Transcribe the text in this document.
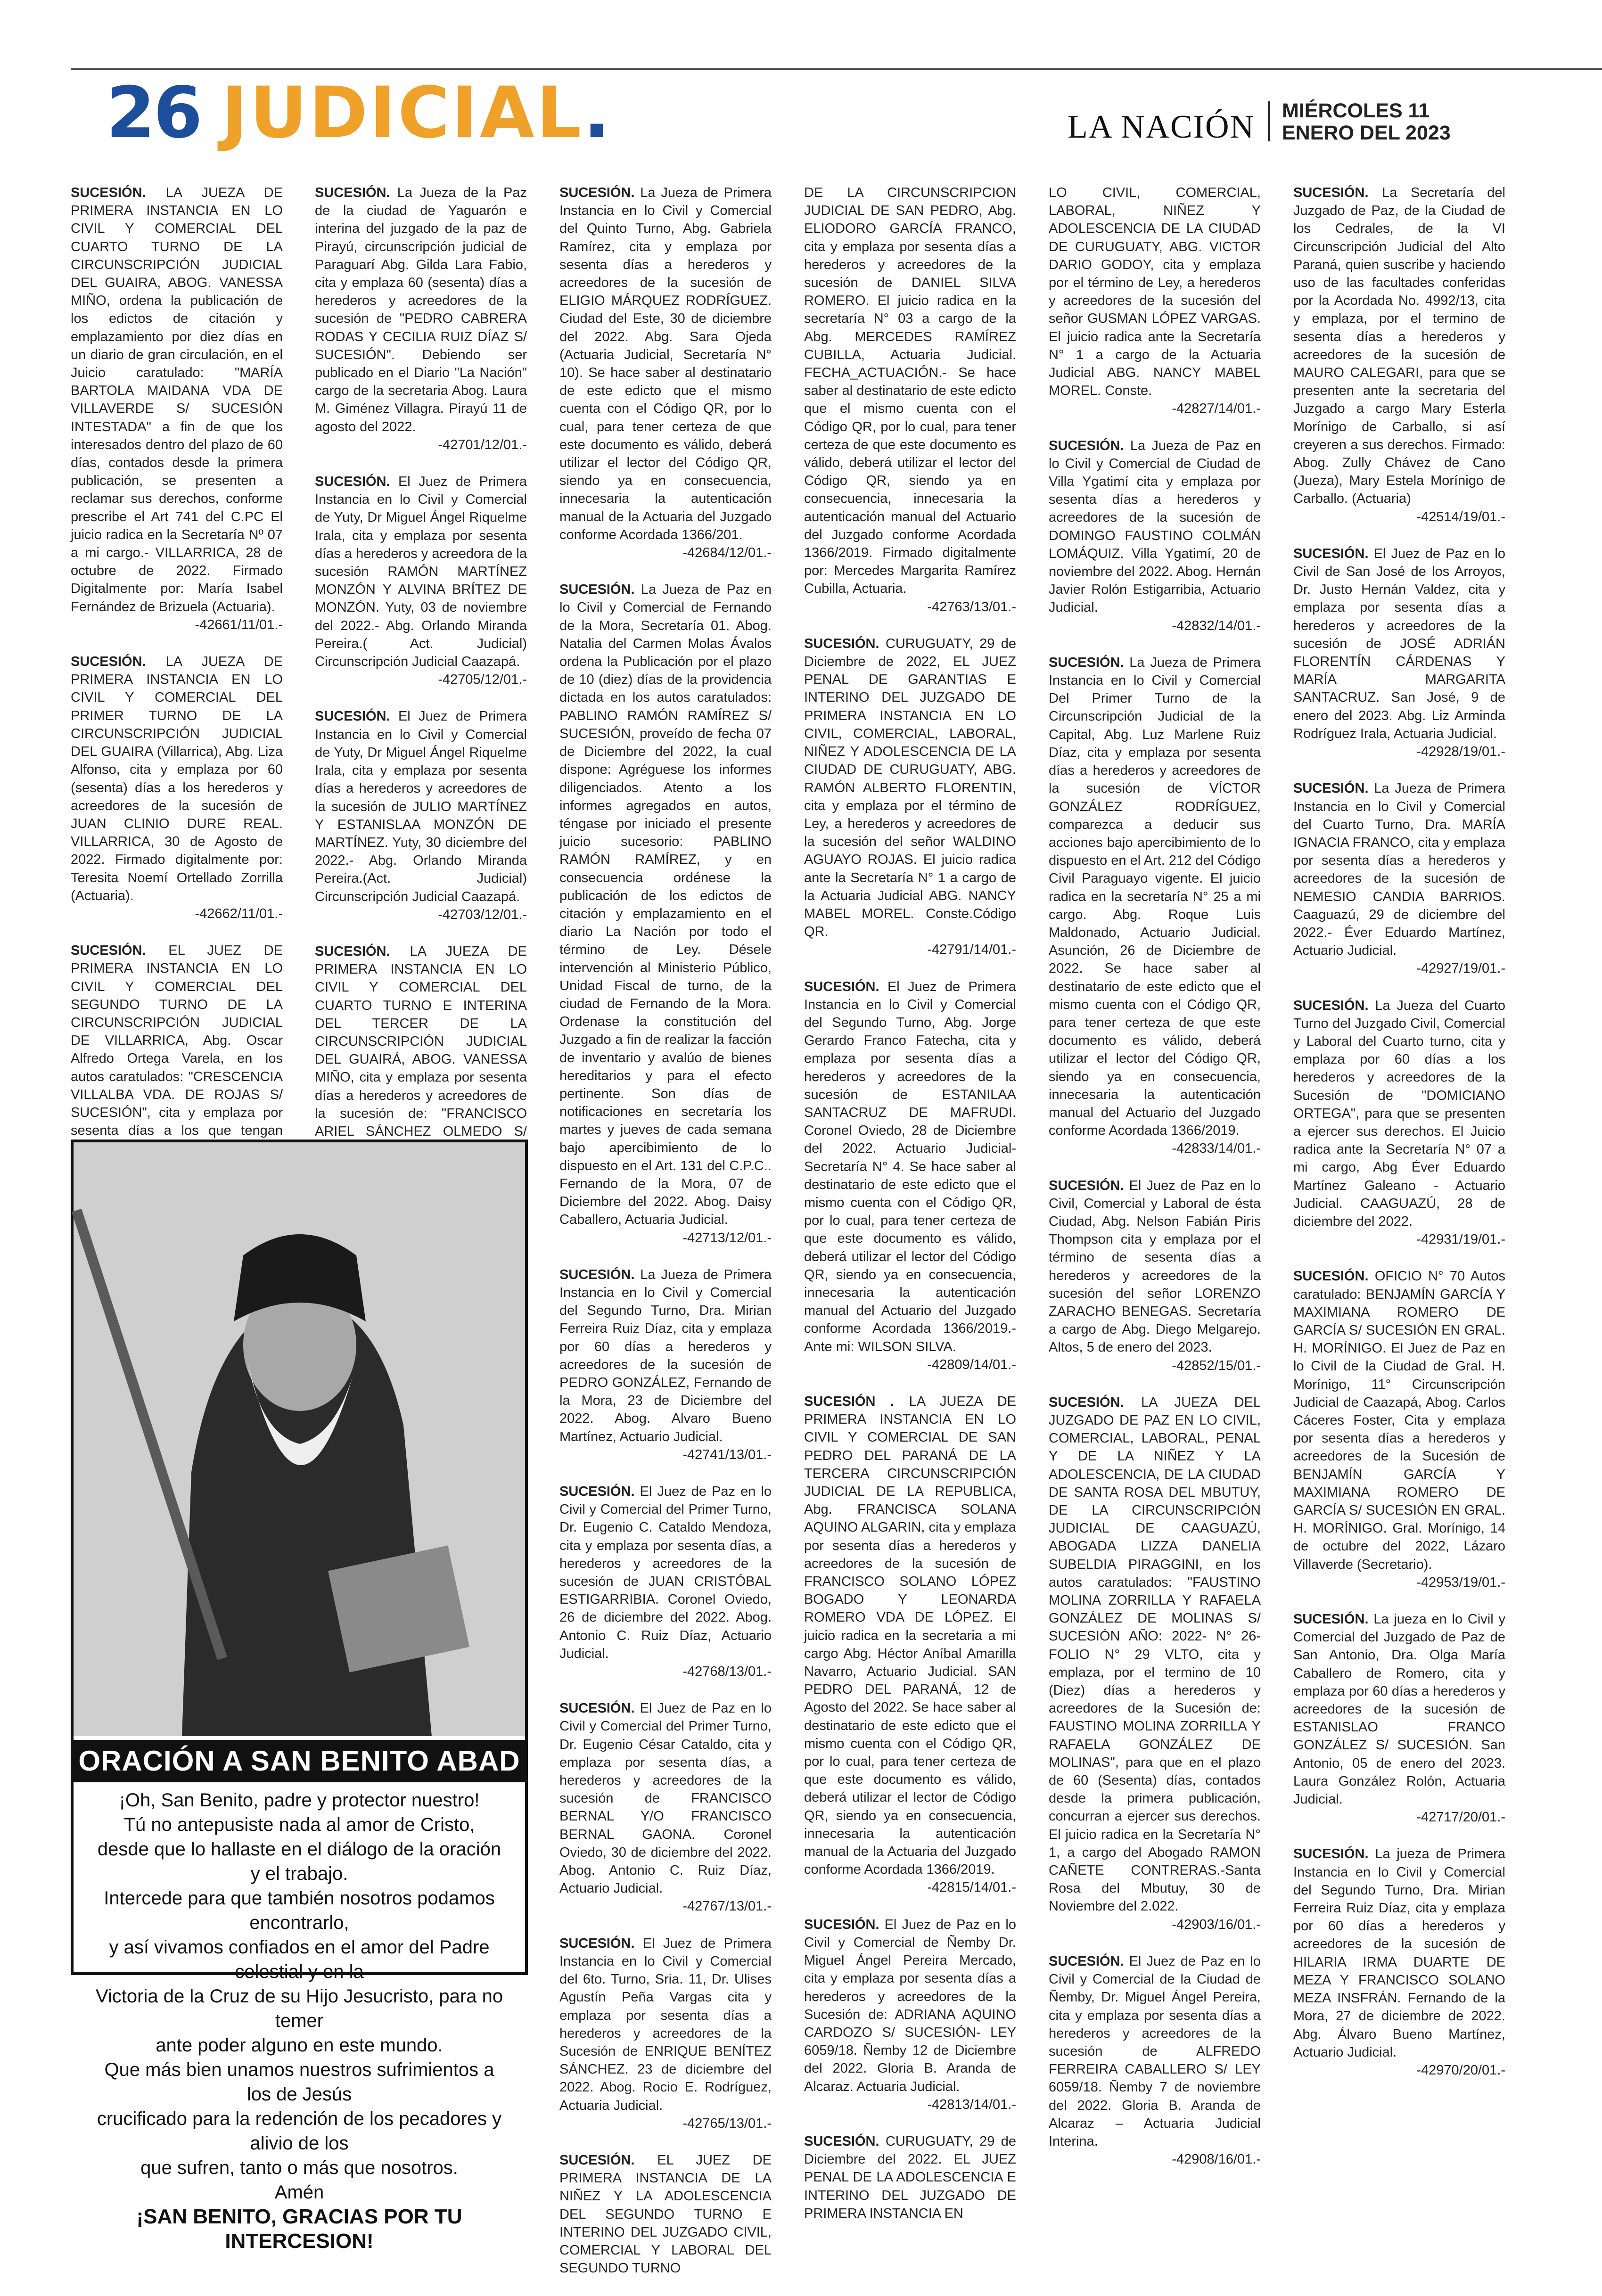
26 JUDICIAL.	LA NACIÓN MIÉRCOLES 11
ENERO DEL 2023
SUCESIÓN. LA JUEZA DE PRIMERA INSTANCIA EN LO CIVIL Y COMERCIAL DEL CUARTO TURNO DE LA CIRCUNSCRIPCIÓN JUDICIAL DEL GUAIRA, ABOG. VANESSA MIÑO, ordena la publicación de los edictos de citación y emplazamiento por diez días en un diario de gran circulación, en el Juicio caratulado: "MARÍA BARTOLA MAIDANA VDA DE VILLAVERDE S/ SUCESIÓN INTESTADA" a fin de que los interesados dentro del plazo de 60 días, contados desde la primera publicación, se presenten a reclamar sus derechos, conforme prescribe el Art 741 del C.PC El juicio radica en la Secretaría Nº 07 a mi cargo.- VILLARRICA, 28 de octubre de 2022. Firmado Digitalmente por: María Isabel Fernández de Brizuela (Actuaria).
-42661/11/01.-
SUCESIÓN. LA JUEZA DE PRIMERA INSTANCIA EN LO CIVIL Y COMERCIAL DEL PRIMER TURNO DE LA CIRCUNSCRIPCIÓN JUDICIAL DEL GUAIRA (Villarrica), Abg. Liza Alfonso, cita y emplaza por 60 (sesenta) días a los herederos y acreedores de la sucesión de JUAN CLINIO DURE REAL. VILLARRICA, 30 de Agosto de 2022. Firmado digitalmente por: Teresita Noemí Ortellado Zorrilla (Actuaria).
-42662/11/01.-
SUCESIÓN. EL JUEZ DE PRIMERA INSTANCIA EN LO CIVIL Y COMERCIAL DEL SEGUNDO TURNO DE LA CIRCUNSCRIPCIÓN JUDICIAL DE VILLARRICA, Abg. Oscar Alfredo Ortega Varela, en los autos caratulados: "CRESCENCIA VILLALBA VDA. DE ROJAS S/ SUCESIÓN", cita y emplaza por sesenta días a los que tengan
SUCESIÓN. La Jueza de la Paz de la ciudad de Yaguarón e interina del juzgado de la paz de Pirayú, circunscripción judicial de Paraguarí Abg. Gilda Lara Fabio, cita y emplaza 60 (sesenta) días a herederos y acreedores de la sucesión de "PEDRO CABRERA RODAS Y CECILIA RUIZ DÍAZ S/ SUCESIÓN". Debiendo ser publicado en el Diario "La Nación" cargo de la secretaria Abog. Laura M. Giménez Villagra. Pirayú 11 de agosto del 2022.
-42701/12/01.-
SUCESIÓN. El Juez de Primera Instancia en lo Civil y Comercial de Yuty, Dr Miguel Ángel Riquelme Irala, cita y emplaza por sesenta días a herederos y acreedora de la sucesión RAMÓN MARTÍNEZ MONZÓN Y ALVINA BRÍTEZ DE MONZÓN. Yuty, 03 de noviembre del 2022.- Abg. Orlando Miranda Pereira.( Act. Judicial) Circunscripción Judicial Caazapá.
-42705/12/01.-
SUCESIÓN. El Juez de Primera Instancia en lo Civil y Comercial de Yuty, Dr Miguel Ángel Riquelme Irala, cita y emplaza por sesenta días a herederos y acreedores de la sucesión de JULIO MARTÍNEZ Y ESTANISLAA MONZÓN DE MARTÍNEZ. Yuty, 30 diciembre del 2022.- Abg. Orlando Miranda Pereira.(Act. Judicial) Circunscripción Judicial Caazapá.
-42703/12/01.-
SUCESIÓN. LA JUEZA DE PRIMERA INSTANCIA EN LO CIVIL Y COMERCIAL DEL CUARTO TURNO E INTERINA DEL TERCER DE LA CIRCUNSCRIPCIÓN JUDICIAL DEL GUAIRÁ, ABOG. VANESSA MIÑO, cita y emplaza por sesenta días a herederos y acreedores de la sucesión de: "FRANCISCO ARIEL SÁNCHEZ OLMEDO S/
SUCESIÓN. La Jueza de Primera Instancia en lo Civil y Comercial del Quinto Turno, Abg. Gabriela Ramírez, cita y emplaza por sesenta días a herederos y acreedores de la sucesión de ELIGIO MÁRQUEZ RODRÍGUEZ. Ciudad del Este, 30 de diciembre del 2022. Abg. Sara Ojeda (Actuaria Judicial, Secretaría N° 10). Se hace saber al destinatario de este edicto que el mismo cuenta con el Código QR, por lo cual, para tener certeza de que este documento es válido, deberá utilizar el lector del Código QR, siendo ya en consecuencia, innecesaria la autenticación manual de la Actuaria del Juzgado conforme Acordada 1366/201.
-42684/12/01.-
SUCESIÓN. La Jueza de Paz en lo Civil y Comercial de Fernando de la Mora, Secretaría 01. Abog. Natalia del Carmen Molas Ávalos ordena la Publicación por el plazo de 10 (diez) días de la providencia dictada en los autos caratulados: PABLINO RAMÓN RAMÍREZ S/ SUCESIÓN, proveído de fecha 07 de Diciembre del 2022, la cual dispone: Agréguese los informes diligenciados. Atento a los informes agregados en autos, téngase por iniciado el presente juicio sucesorio: PABLINO RAMÓN RAMÍREZ, y en consecuencia ordénese la publicación de los edictos de citación y emplazamiento en el diario La Nación por todo el término de Ley. Désele intervención al Ministerio Público, Unidad Fiscal de turno, de la ciudad de Fernando de la Mora. Ordenase la constitución del Juzgado a fin de realizar la facción de inventario y avalúo de bienes hereditarios y para el efecto pertinente. Son días de notificaciones en secretaría los martes y jueves de cada semana bajo apercibimiento de lo dispuesto en el Art. 131 del C.P.C.. Fernando de la Mora, 07 de Diciembre del 2022. Abog. Daisy Caballero, Actuaria Judicial.
-42713/12/01.-
SUCESIÓN. La Jueza de Primera Instancia en lo Civil y Comercial del Segundo Turno, Dra. Mirian Ferreira Ruiz Díaz, cita y emplaza por 60 días a herederos y acreedores de la sucesión de PEDRO GONZÁLEZ, Fernando de la Mora, 23 de Diciembre del 2022. Abog. Alvaro Bueno Martínez, Actuario Judicial.
-42741/13/01.-
SUCESIÓN. El Juez de Paz en lo Civil y Comercial del Primer Turno, Dr. Eugenio C. Cataldo Mendoza, cita y emplaza por sesenta días, a herederos y acreedores de la sucesión de JUAN CRISTÓBAL ESTIGARRIBIA. Coronel Oviedo, 26 de diciembre del 2022. Abog. Antonio C. Ruiz Díaz, Actuario Judicial.
-42768/13/01.-
SUCESIÓN. El Juez de Paz en lo Civil y Comercial del Primer Turno, Dr. Eugenio César Cataldo, cita y emplaza por sesenta días, a herederos y acreedores de la sucesión de FRANCISCO BERNAL Y/O FRANCISCO BERNAL GAONA. Coronel Oviedo, 30 de diciembre del 2022. Abog. Antonio C. Ruiz Díaz, Actuario Judicial.
-42767/13/01.-
SUCESIÓN. El Juez de Primera Instancia en lo Civil y Comercial del 6to. Turno, Sria. 11, Dr. Ulises Agustín Peña Vargas cita y emplaza por sesenta días a herederos y acreedores de la Sucesión de ENRIQUE BENÍTEZ SÁNCHEZ. 23 de diciembre del 2022. Abog. Rocio E. Rodríguez, Actuaria Judicial.
-42765/13/01.-
SUCESIÓN. EL JUEZ DE PRIMERA INSTANCIA DE LA NIÑEZ Y LA ADOLESCENCIA DEL SEGUNDO TURNO E INTERINO DEL JUZGADO CIVIL, COMERCIAL Y LABORAL DEL SEGUNDO TURNO
DE LA CIRCUNSCRIPCION JUDICIAL DE SAN PEDRO, Abg. ELIODORO GARCÍA FRANCO, cita y emplaza por sesenta días a herederos y acreedores de la sucesión de DANIEL SILVA ROMERO. El juicio radica en la secretaría N° 03 a cargo de la Abg. MERCEDES RAMÍREZ CUBILLA, Actuaria Judicial. FECHA_ACTUACIÓN.- Se hace saber al destinatario de este edicto que el mismo cuenta con el Código QR, por lo cual, para tener certeza de que este documento es válido, deberá utilizar el lector del Código QR, siendo ya en consecuencia, innecesaria la autenticación manual del Actuario del Juzgado conforme Acordada 1366/2019. Firmado digitalmente por: Mercedes Margarita Ramírez Cubilla, Actuaria.
-42763/13/01.-
SUCESIÓN. CURUGUATY, 29 de Diciembre de 2022, EL JUEZ PENAL DE GARANTIAS E INTERINO DEL JUZGADO DE PRIMERA INSTANCIA EN LO CIVIL, COMERCIAL, LABORAL, NIÑEZ Y ADOLESCENCIA DE LA CIUDAD DE CURUGUATY, ABG. RAMÓN ALBERTO FLORENTIN, cita y emplaza por el término de Ley, a herederos y acreedores de la sucesión del señor WALDINO AGUAYO ROJAS. El juicio radica ante la Secretaría N° 1 a cargo de la Actuaria Judicial ABG. NANCY MABEL MOREL. Conste.Código QR.
-42791/14/01.-
SUCESIÓN. El Juez de Primera Instancia en lo Civil y Comercial del Segundo Turno, Abg. Jorge Gerardo Franco Fatecha, cita y emplaza por sesenta días a herederos y acreedores de la sucesión de ESTANILAA SANTACRUZ DE MAFRUDI. Coronel Oviedo, 28 de Diciembre del 2022. Actuario Judicial-Secretaría N° 4. Se hace saber al destinatario de este edicto que el mismo cuenta con el Código QR, por lo cual, para tener certeza de que este documento es válido, deberá utilizar el lector del Código QR, siendo ya en consecuencia, innecesaria la autenticación manual del Actuario del Juzgado conforme Acordada 1366/2019.- Ante mi: WILSON SILVA.
-42809/14/01.-
SUCESIÓN . LA JUEZA DE PRIMERA INSTANCIA EN LO CIVIL Y COMERCIAL DE SAN PEDRO DEL PARANÁ DE LA TERCERA CIRCUNSCRIPCIÓN JUDICIAL DE LA REPUBLICA, Abg. FRANCISCA SOLANA AQUINO ALGARIN, cita y emplaza por sesenta días a herederos y acreedores de la sucesión de FRANCISCO SOLANO LÓPEZ BOGADO Y LEONARDA ROMERO VDA DE LÓPEZ. El juicio radica en la secretaria a mi cargo Abg. Héctor Aníbal Amarilla Navarro, Actuario Judicial. SAN PEDRO DEL PARANÁ, 12 de Agosto del 2022. Se hace saber al destinatario de este edicto que el mismo cuenta con el Código QR, por lo cual, para tener certeza de que este documento es válido, deberá utilizar el lector de Código QR, siendo ya en consecuencia, innecesaria la autenticación manual de la Actuaria del Juzgado conforme Acordada 1366/2019.
-42815/14/01.-
SUCESIÓN. El Juez de Paz en lo Civil y Comercial de Ñemby Dr. Miguel Ángel Pereira Mercado, cita y emplaza por sesenta días a herederos y acreedores de la Sucesión de: ADRIANA AQUINO CARDOZO S/ SUCESIÓN- LEY 6059/18. Ñemby 12 de Diciembre del 2022. Gloria B. Aranda de Alcaraz. Actuaria Judicial.
-42813/14/01.-
SUCESIÓN. CURUGUATY, 29 de Diciembre del 2022. EL JUEZ PENAL DE LA ADOLESCENCIA E INTERINO DEL JUZGADO DE PRIMERA INSTANCIA EN
LO CIVIL, COMERCIAL, LABORAL, NIÑEZ Y ADOLESCENCIA DE LA CIUDAD DE CURUGUATY, ABG. VICTOR DARIO GODOY, cita y emplaza por el término de Ley, a herederos y acreedores de la sucesión del señor GUSMAN LÓPEZ VARGAS. El juicio radica ante la Secretaría N° 1 a cargo de la Actuaria Judicial ABG. NANCY MABEL MOREL. Conste.
-42827/14/01.-
SUCESIÓN. La Jueza de Paz en lo Civil y Comercial de Ciudad de Villa Ygatimí cita y emplaza por sesenta días a herederos y acreedores de la sucesión de DOMINGO FAUSTINO COLMÁN LOMÁQUIZ. Villa Ygatimí, 20 de noviembre del 2022. Abog. Hernán Javier Rolón Estigarribia, Actuario Judicial.
-42832/14/01.-
SUCESIÓN. La Jueza de Primera Instancia en lo Civil y Comercial Del Primer Turno de la Circunscripción Judicial de la Capital, Abg. Luz Marlene Ruiz Díaz, cita y emplaza por sesenta días a herederos y acreedores de la sucesión de VÍCTOR GONZÁLEZ RODRÍGUEZ, comparezca a deducir sus acciones bajo apercibimiento de lo dispuesto en el Art. 212 del Código Civil Paraguayo vigente. El juicio radica en la secretaría N° 25 a mi cargo. Abg. Roque Luis Maldonado, Actuario Judicial. Asunción, 26 de Diciembre de 2022. Se hace saber al destinatario de este edicto que el mismo cuenta con el Código QR, para tener certeza de que este documento es válido, deberá utilizar el lector del Código QR, siendo ya en consecuencia, innecesaria la autenticación manual del Actuario del Juzgado conforme Acordada 1366/2019.
-42833/14/01.-
SUCESIÓN. El Juez de Paz en lo Civil, Comercial y Laboral de ésta Ciudad, Abg. Nelson Fabián Piris Thompson cita y emplaza por el término de sesenta días a herederos y acreedores de la sucesión del señor LORENZO ZARACHO BENEGAS. Secretaría a cargo de Abg. Diego Melgarejo. Altos, 5 de enero del 2023.
-42852/15/01.-
SUCESIÓN. LA JUEZA DEL JUZGADO DE PAZ EN LO CIVIL, COMERCIAL, LABORAL, PENAL Y DE LA NIÑEZ Y LA ADOLESCENCIA, DE LA CIUDAD DE SANTA ROSA DEL MBUTUY, DE LA CIRCUNSCRIPCIÓN JUDICIAL DE CAAGUAZÚ, ABOGADA LIZZA DANELIA SUBELDIA PIRAGGINI, en los autos caratulados: "FAUSTINO MOLINA ZORRILLA Y RAFAELA GONZÁLEZ DE MOLINAS S/ SUCESIÓN AÑO: 2022- N° 26- FOLIO N° 29 VLTO, cita y emplaza, por el termino de 10 (Diez) días a herederos y acreedores de la Sucesión de: FAUSTINO MOLINA ZORRILLA Y RAFAELA GONZÁLEZ DE MOLINAS", para que en el plazo de 60 (Sesenta) días, contados desde la primera publicación, concurran a ejercer sus derechos. El juicio radica en la Secretaría N° 1, a cargo del Abogado RAMON CAÑETE CONTRERAS.-Santa Rosa del Mbutuy, 30 de Noviembre del 2.022.
-42903/16/01.-
SUCESIÓN. El Juez de Paz en lo Civil y Comercial de la Ciudad de Ñemby, Dr. Miguel Ángel Pereira, cita y emplaza por sesenta días a herederos y acreedores de la sucesión de ALFREDO FERREIRA CABALLERO S/ LEY 6059/18. Ñemby 7 de noviembre del 2022. Gloria B. Aranda de Alcaraz – Actuaria Judicial Interina.
-42908/16/01.-
SUCESIÓN. La Secretaría del Juzgado de Paz, de la Ciudad de los Cedrales, de la VI Circunscripción Judicial del Alto Paraná, quien suscribe y haciendo uso de las facultades conferidas por la Acordada No. 4992/13, cita y emplaza, por el termino de sesenta días a herederos y acreedores de la sucesión de MAURO CALEGARI, para que se presenten ante la secretaria del Juzgado a cargo Mary Esterla Morínigo de Carballo, si así creyeren a sus derechos. Firmado: Abog. Zully Chávez de Cano (Jueza), Mary Estela Morínigo de Carballo. (Actuaria)
-42514/19/01.-
SUCESIÓN. El Juez de Paz en lo Civil de San José de los Arroyos, Dr. Justo Hernán Valdez, cita y emplaza por sesenta días a herederos y acreedores de la sucesión de JOSÉ ADRIÁN FLORENTÍN CÁRDENAS Y MARÍA MARGARITA SANTACRUZ. San José, 9 de enero del 2023. Abg. Liz Arminda Rodríguez Irala, Actuaria Judicial.
-42928/19/01.-
SUCESIÓN. La Jueza de Primera Instancia en lo Civil y Comercial del Cuarto Turno, Dra. MARÍA IGNACIA FRANCO, cita y emplaza por sesenta días a herederos y acreedores de la sucesión de NEMESIO CANDIA BARRIOS. Caaguazú, 29 de diciembre del 2022.- Éver Eduardo Martínez, Actuario Judicial.
-42927/19/01.-
SUCESIÓN. La Jueza del Cuarto Turno del Juzgado Civil, Comercial y Laboral del Cuarto turno, cita y emplaza por 60 días a los herederos y acreedores de la Sucesión de "DOMICIANO ORTEGA", para que se presenten a ejercer sus derechos. El Juicio radica ante la Secretaría N° 07 a mi cargo, Abg Éver Eduardo Martínez Galeano - Actuario Judicial. CAAGUAZÚ, 28 de diciembre del 2022.
-42931/19/01.-
SUCESIÓN. OFICIO N° 70 Autos caratulado: BENJAMÍN GARCÍA Y MAXIMIANA ROMERO DE GARCÍA S/ SUCESIÓN EN GRAL. H. MORÍNIGO. El Juez de Paz en lo Civil de la Ciudad de Gral. H. Morínigo, 11° Circunscripción Judicial de Caazapá, Abog. Carlos Cáceres Foster, Cita y emplaza por sesenta días a herederos y acreedores de la Sucesión de BENJAMÍN GARCÍA Y MAXIMIANA ROMERO DE GARCÍA S/ SUCESIÓN EN GRAL. H. MORÍNIGO. Gral. Morínigo, 14 de octubre del 2022, Lázaro Villaverde (Secretario).
-42953/19/01.-
SUCESIÓN. La jueza en lo Civil y Comercial del Juzgado de Paz de San Antonio, Dra. Olga María Caballero de Romero, cita y emplaza por 60 días a herederos y acreedores de la sucesión de ESTANISLAO FRANCO GONZÁLEZ S/ SUCESIÓN. San Antonio, 05 de enero del 2023. Laura González Rolón, Actuaria Judicial.
-42717/20/01.-
SUCESIÓN. La jueza de Primera Instancia en lo Civil y Comercial del Segundo Turno, Dra. Mirian Ferreira Ruiz Díaz, cita y emplaza por 60 días a herederos y acreedores de la sucesión de HILARIA IRMA DUARTE DE MEZA Y FRANCISCO SOLANO MEZA INSFRÁN. Fernando de la Mora, 27 de diciembre de 2022. Abg. Álvaro Bueno Martínez, Actuario Judicial.
-42970/20/01.-
ORACIÓN A SAN BENITO ABAD
¡Oh, San Benito, padre y protector nuestro!
Tú no antepusiste nada al amor de Cristo,
desde que lo hallaste en el diálogo de la oración y el trabajo.
Intercede para que también nosotros podamos encontrarlo,
y así vivamos confiados en el amor del Padre celestial y en la
Victoria de la Cruz de su Hijo Jesucristo, para no temer
ante poder alguno en este mundo.
Que más bien unamos nuestros sufrimientos a los de Jesús
crucificado para la redención de los pecadores y alivio de los
que sufren, tanto o más que nosotros.
Amén
¡SAN BENITO, GRACIAS POR TU INTERCESION!
